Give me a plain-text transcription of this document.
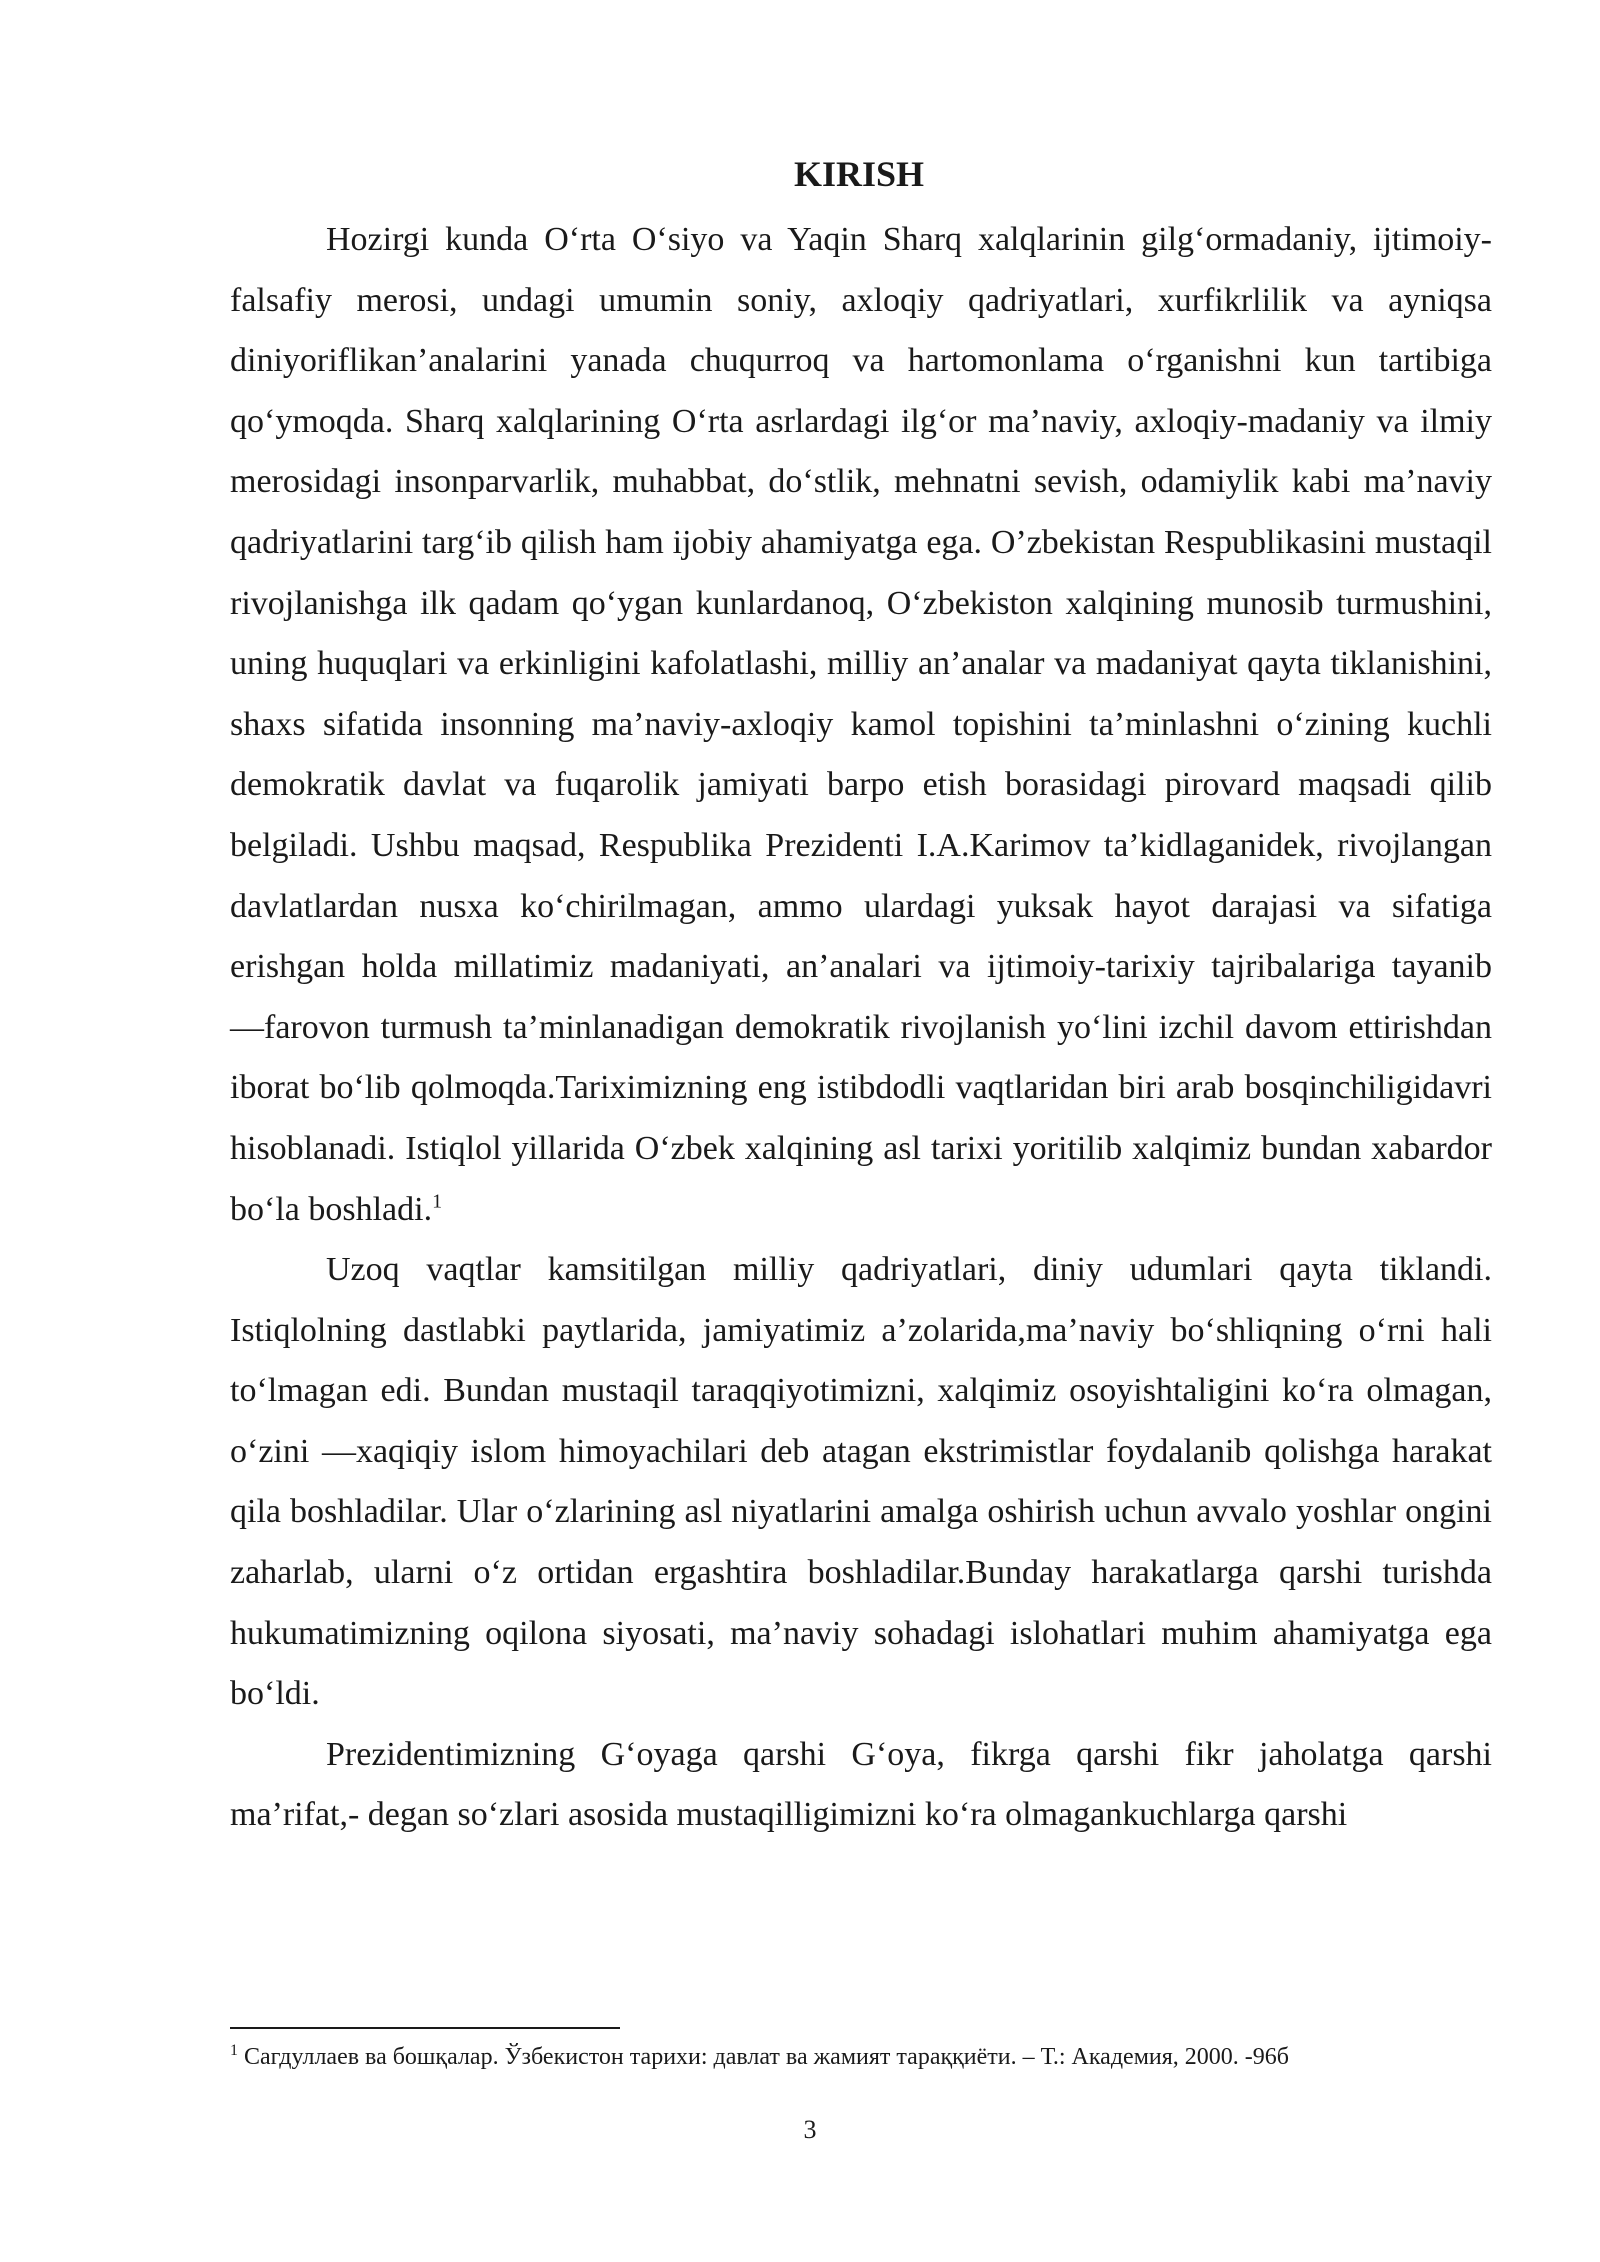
KIRISH

Hozirgi kunda O‘rta O‘siyo va Yaqin Sharq xalqlarinin gilg‘ormadaniy, ijtimoiy-falsafiy merosi, undagi umumin soniy, axloqiy qadriyatlari, xurfikrlilik va ayniqsa diniyoriflikan’analarini yanada chuqurroq va hartomonlama o‘rganishni kun tartibiga qo‘ymoqda. Sharq xalqlarining O‘rta asrlardagi ilg‘or ma’naviy, axloqiy-madaniy va ilmiy merosidagi insonparvarlik, muhabbat, do‘stlik, mehnatni sevish, odamiylik kabi ma’naviy qadriyatlarini targ‘ib qilish ham ijobiy ahamiyatga ega. O’zbekistan Respublikasini mustaqil rivojlanishga ilk qadam qo‘ygan kunlardanoq, O‘zbekiston xalqining munosib turmushini, uning huquqlari va erkinligini kafolatlashi, milliy an’analar va madaniyat qayta tiklanishini, shaxs sifatida insonning ma’naviy-axloqiy kamol topishini ta’minlashni o‘zining kuchli demokratik davlat va fuqarolik jamiyati barpo etish borasidagi pirovard maqsadi qilib belgiladi. Ushbu maqsad, Respublika Prezidenti I.A.Karimov ta’kidlaganidek, rivojlangan davlatlardan nusxa ko‘chirilmagan, ammo ulardagi yuksak hayot darajasi va sifatiga erishgan holda millatimiz madaniyati, an’analari va ijtimoiy-tarixiy tajribalariga tayanib ―farovon turmush ta’minlanadigan demokratik rivojlanish yo‘lini izchil davom ettirishdan iborat bo‘lib qolmoqda.Tariximizning eng istibdodli vaqtlaridan biri arab bosqinchiligidavri hisoblanadi. Istiqlol yillarida O‘zbek xalqining asl tarixi yoritilib xalqimiz bundan xabardor bo‘la boshladi.$^1$

Uzoq vaqtlar kamsitilgan milliy qadriyatlari, diniy udumlari qayta tiklandi. Istiqlolning dastlabki paytlarida, jamiyatimiz a’zolarida,ma’naviy bo‘shliqning o‘rni hali to‘lmagan edi. Bundan mustaqil taraqqiyotimizni, xalqimiz osoyishtaligini ko‘ra olmagan, o‘zini ―xaqiqiy islom himoyachilari deb atagan ekstrimistlar foydalanib qolishga harakat qila boshladilar. Ular o‘zlarining asl niyatlarini amalga oshirish uchun avvalo yoshlar ongini zaharlab, ularni o‘z ortidan ergashtira boshladilar.Bunday harakatlarga qarshi turishda hukumatimizning oqilona siyosati, ma’naviy sohadagi islohatlari muhim ahamiyatga ega bo‘ldi.

Prezidentimizning G‘oyaga qarshi G‘oya, fikrga qarshi fikr jaholatga qarshi ma’rifat,- degan so‘zlari asosida mustaqilligimizni ko‘ra olmagankuchlarga qarshi

$^1$ Сагдуллаев ва бошқалар. Ўзбекистон тарихи: давлат ва жамият тараққиёти. – Т.: Академия, 2000. -96б
3
